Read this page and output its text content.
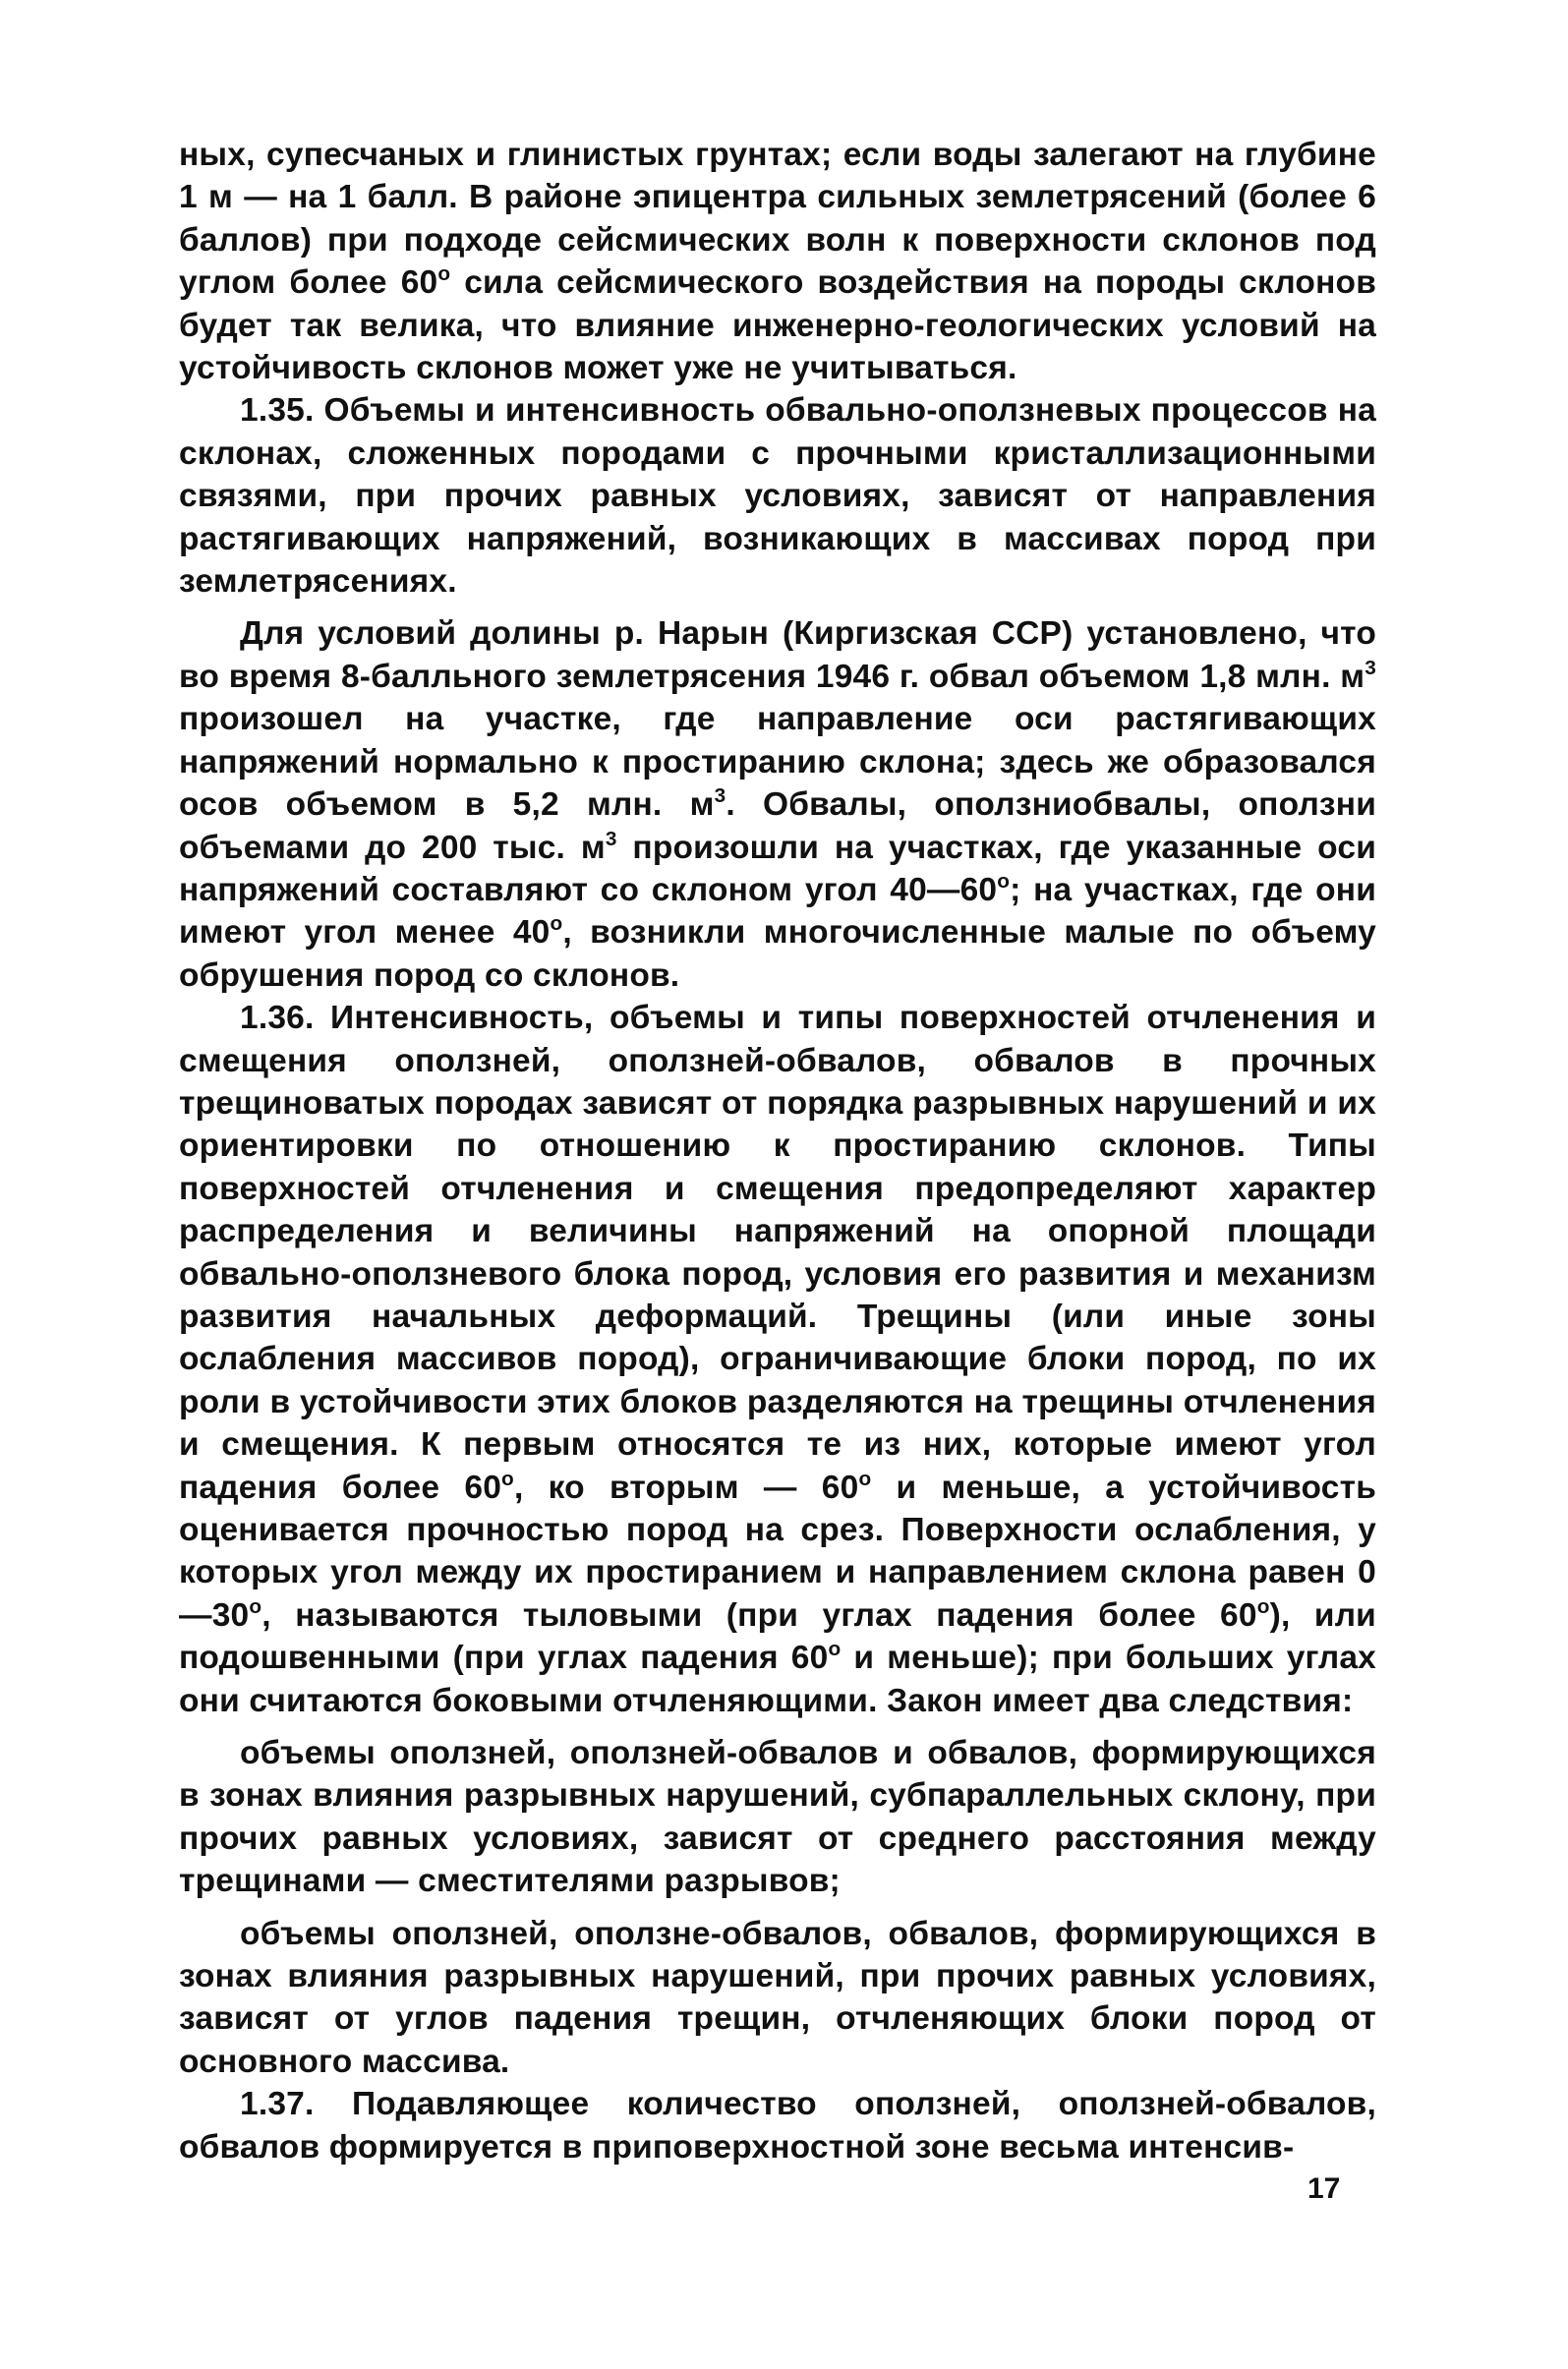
ных, супесчаных и глинистых грунтах; если воды залегают на глубине 1 м — на 1 балл. В районе эпицентра сильных землетрясений (более 6 баллов) при подходе сейсмических волн к поверхности склонов под углом более $60^о$ сила сейсмического воздействия на породы склонов будет так велика, что влияние инженерно-геологических условий на устойчивость склонов может уже не учитываться.

1.35. Объемы и интенсивность обвально-оползневых процессов на склонах, сложенных породами с прочными кристаллизационными связями, при прочих равных условиях, зависят от направления растягивающих напряжений, возникающих в массивах пород при землетрясениях.

Для условий долины р. Нарын (Киргизская ССР) установлено, что во время 8-балльного землетрясения 1946 г. обвал объемом 1,8 млн. $м^3$ произошел на участке, где направление оси растягивающих напряжений нормально к простиранию склона; здесь же образовался осов объемом в 5,2 млн. $м^3$. Обвалы, оползниобвалы, оползни объемами до 200 тыс. $м^3$ произошли на участках, где указанные оси напряжений составляют со склоном угол $40—60^о$; на участках, где они имеют угол менее $40^о$, возникли многочисленные малые по объему обрушения пород со склонов.

1.36. Интенсивность, объемы и типы поверхностей отчленения и смещения оползней, оползней-обвалов, обвалов в прочных трещиноватых породах зависят от порядка разрывных нарушений и их ориентировки по отношению к простиранию склонов. Типы поверхностей отчленения и смещения предопределяют характер распределения и величины напряжений на опорной площади обвально-оползневого блока пород, условия его развития и механизм развития начальных деформаций. Трещины (или иные зоны ослабления массивов пород), ограничивающие блоки пород, по их роли в устойчивости этих блоков разделяются на трещины отчленения и смещения. К первым относятся те из них, которые имеют угол падения более $60^о$, ко вторым — $60^о$ и меньше, а устойчивость оценивается прочностью пород на срез. Поверхности ослабления, у которых угол между их простиранием и направлением склона равен $0—30^о$, называются тыловыми (при углах падения более $60^о$), или подошвенными (при углах падения $60^о$ и меньше); при больших углах они считаются боковыми отчленяющими. Закон имеет два следствия:

объемы оползней, оползней-обвалов и обвалов, формирующихся в зонах влияния разрывных нарушений, субпараллельных склону, при прочих равных условиях, зависят от среднего расстояния между трещинами — сместителями разрывов;

объемы оползней, оползне-обвалов, обвалов, формирующихся в зонах влияния разрывных нарушений, при прочих равных условиях, зависят от углов падения трещин, отчленяющих блоки пород от основного массива.

1.37. Подавляющее количество оползней, оползней-обвалов, обвалов формируется в приповерхностной зоне весьма интенсив-

17
